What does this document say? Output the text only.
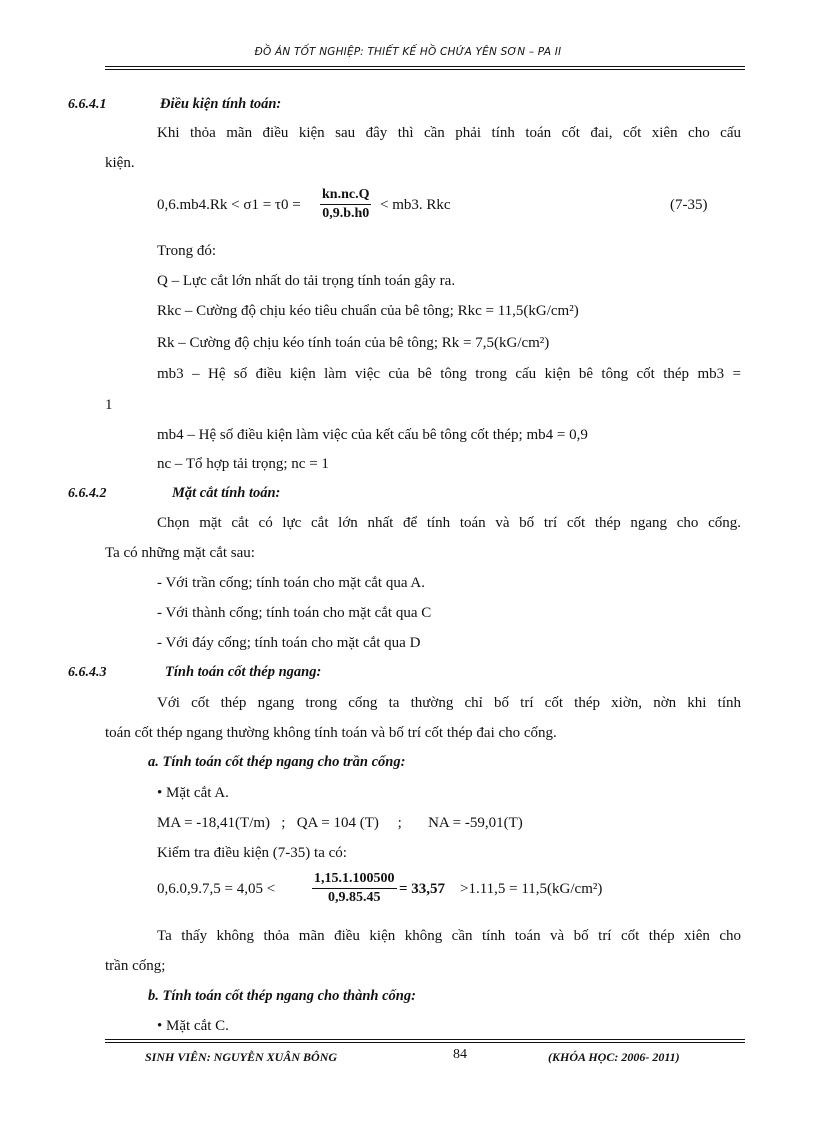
ĐỒ ÁN TỐT NGHIỆP: THIẾT KẾ HỒ CHỨA YÊN SƠN – PA II
6.6.4.1	Điều kiện tính toán:
Khi thỏa mãn điều kiện sau đây thì cần phải tính toán cốt đai, cốt xiên cho cấu
kiện.
$0,6.mb4.Rk < \sigma 1 = \tau 0 = \frac{kn.nc.Q}{0,9.b.h0} < mb3$. Rkc	(7-35)
Trong đó:
Q – Lực cắt lớn nhất do tải trọng tính toán gây ra.
Rkc – Cường độ chịu kéo tiêu chuẩn của bê tông; Rkc = 11,5(kG/cm²)
Rk – Cường độ chịu kéo tính toán của bê tông; Rk = 7,5(kG/cm²)
mb3 – Hệ số điều kiện làm việc của bê tông trong cấu kiện bê tông cốt thép mb3 =
1
mb4 – Hệ số điều kiện làm việc của kết cấu bê tông cốt thép; mb4 = 0,9
nc – Tổ hợp tải trọng; nc = 1
6.6.4.2	Mặt cắt tính toán:
Chọn mặt cắt có lực cắt lớn nhất để tính toán và bố trí cốt thép ngang cho cống.
Ta có những mặt cắt sau:
- Với trần cống; tính toán cho mặt cắt qua A.
- Với thành cống; tính toán cho mặt cắt qua C
- Với đáy cống; tính toán cho mặt cắt qua D
6.6.4.3	Tính toán cốt thép ngang:
Với cốt thép ngang trong cống ta thường chỉ bố trí cốt thép xiờn, nờn khi tính
toán cốt thép ngang thường không tính toán và bố trí cốt thép đai cho cống.
a. Tính toán cốt thép ngang cho trần cống:
• Mặt cắt A.
MA = -18,41(T/m)   ;   QA = 104 (T)     ;       NA = -59,01(T)
Kiểm tra điều kiện (7-35) ta có:
0,6.0,9.7,5 = 4,05 <	$\frac{1,15.1.100500}{0,9.85.45} = 33,57 >1.11,5 = 11,5(kG/cm^2)$
Ta thấy không thỏa mãn điều kiện không cần tính toán và bố trí cốt thép xiên cho
trần cống;
b. Tính toán cốt thép ngang cho thành cống:
• Mặt cắt C.
SINH VIÊN: NGUYỄN XUÂN BÔNG	84	(KHÓA HỌC: 2006- 2011)
